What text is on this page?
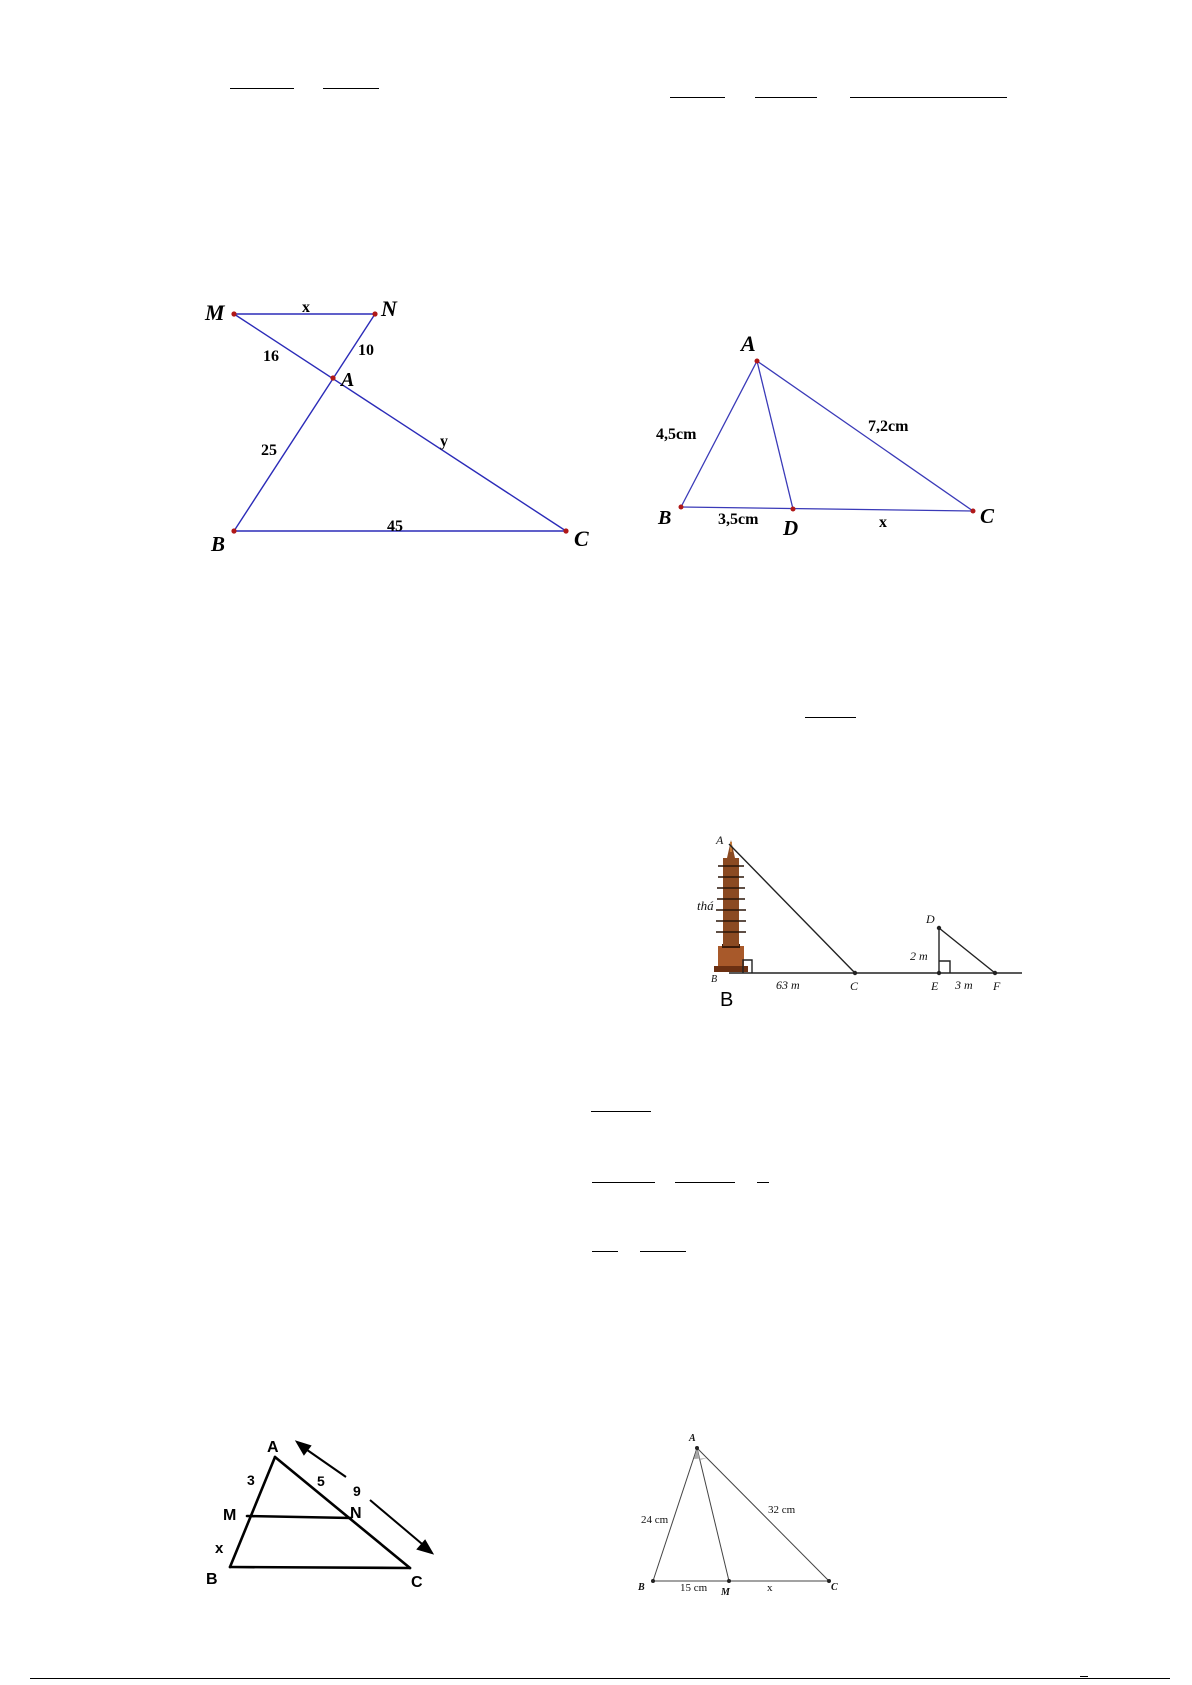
M	N
A
B	C
x
16	10
25
y
45
A
B	D	C
4,5cm	7,2cm
3,5cm	x
A
thá
B
B
C
D
E	F
63 m
2 m
3 m
A
M	N
B	C
3	5
9
x
A
B	M	C
24 cm
32 cm
15 cm	x
